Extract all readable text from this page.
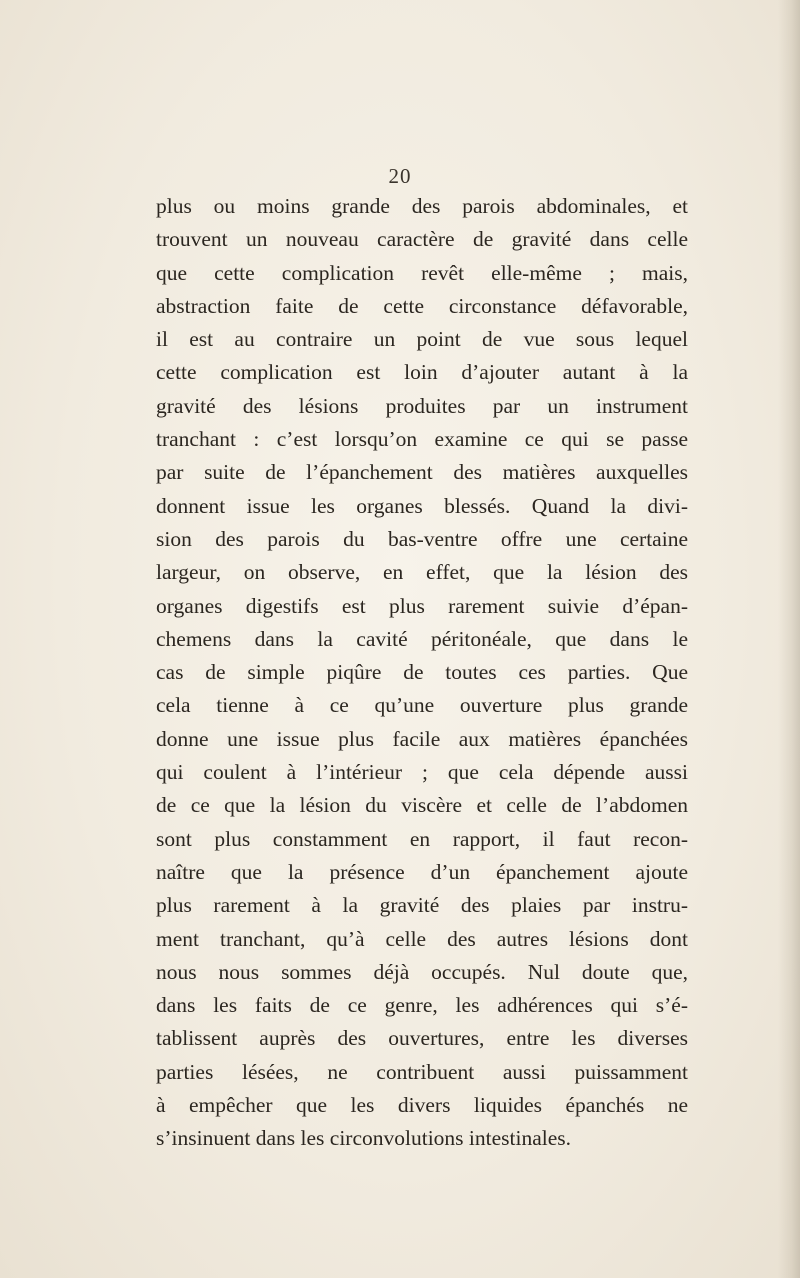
20
plus ou moins grande des parois abdominales, et
trouvent un nouveau caractère de gravité dans celle
que cette complication revêt elle-même ; mais,
abstraction faite de cette circonstance défavorable,
il est au contraire un point de vue sous lequel
cette complication est loin d’ajouter autant à la
gravité des lésions produites par un instrument
tranchant : c’est lorsqu’on examine ce qui se passe
par suite de l’épanchement des matières auxquelles
donnent issue les organes blessés. Quand la divi-
sion des parois du bas-ventre offre une certaine
largeur, on observe, en effet, que la lésion des
organes digestifs est plus rarement suivie d’épan-
chemens dans la cavité péritonéale, que dans le
cas de simple piqûre de toutes ces parties. Que
cela tienne à ce qu’une ouverture plus grande
donne une issue plus facile aux matières épanchées
qui coulent à l’intérieur ; que cela dépende aussi
de ce que la lésion du viscère et celle de l’abdomen
sont plus constamment en rapport, il faut recon-
naître que la présence d’un épanchement ajoute
plus rarement à la gravité des plaies par instru-
ment tranchant, qu’à celle des autres lésions dont
nous nous sommes déjà occupés. Nul doute que,
dans les faits de ce genre, les adhérences qui s’é-
tablissent auprès des ouvertures, entre les diverses
parties lésées, ne contribuent aussi puissamment
à empêcher que les divers liquides épanchés ne
s’insinuent dans les circonvolutions intestinales.
